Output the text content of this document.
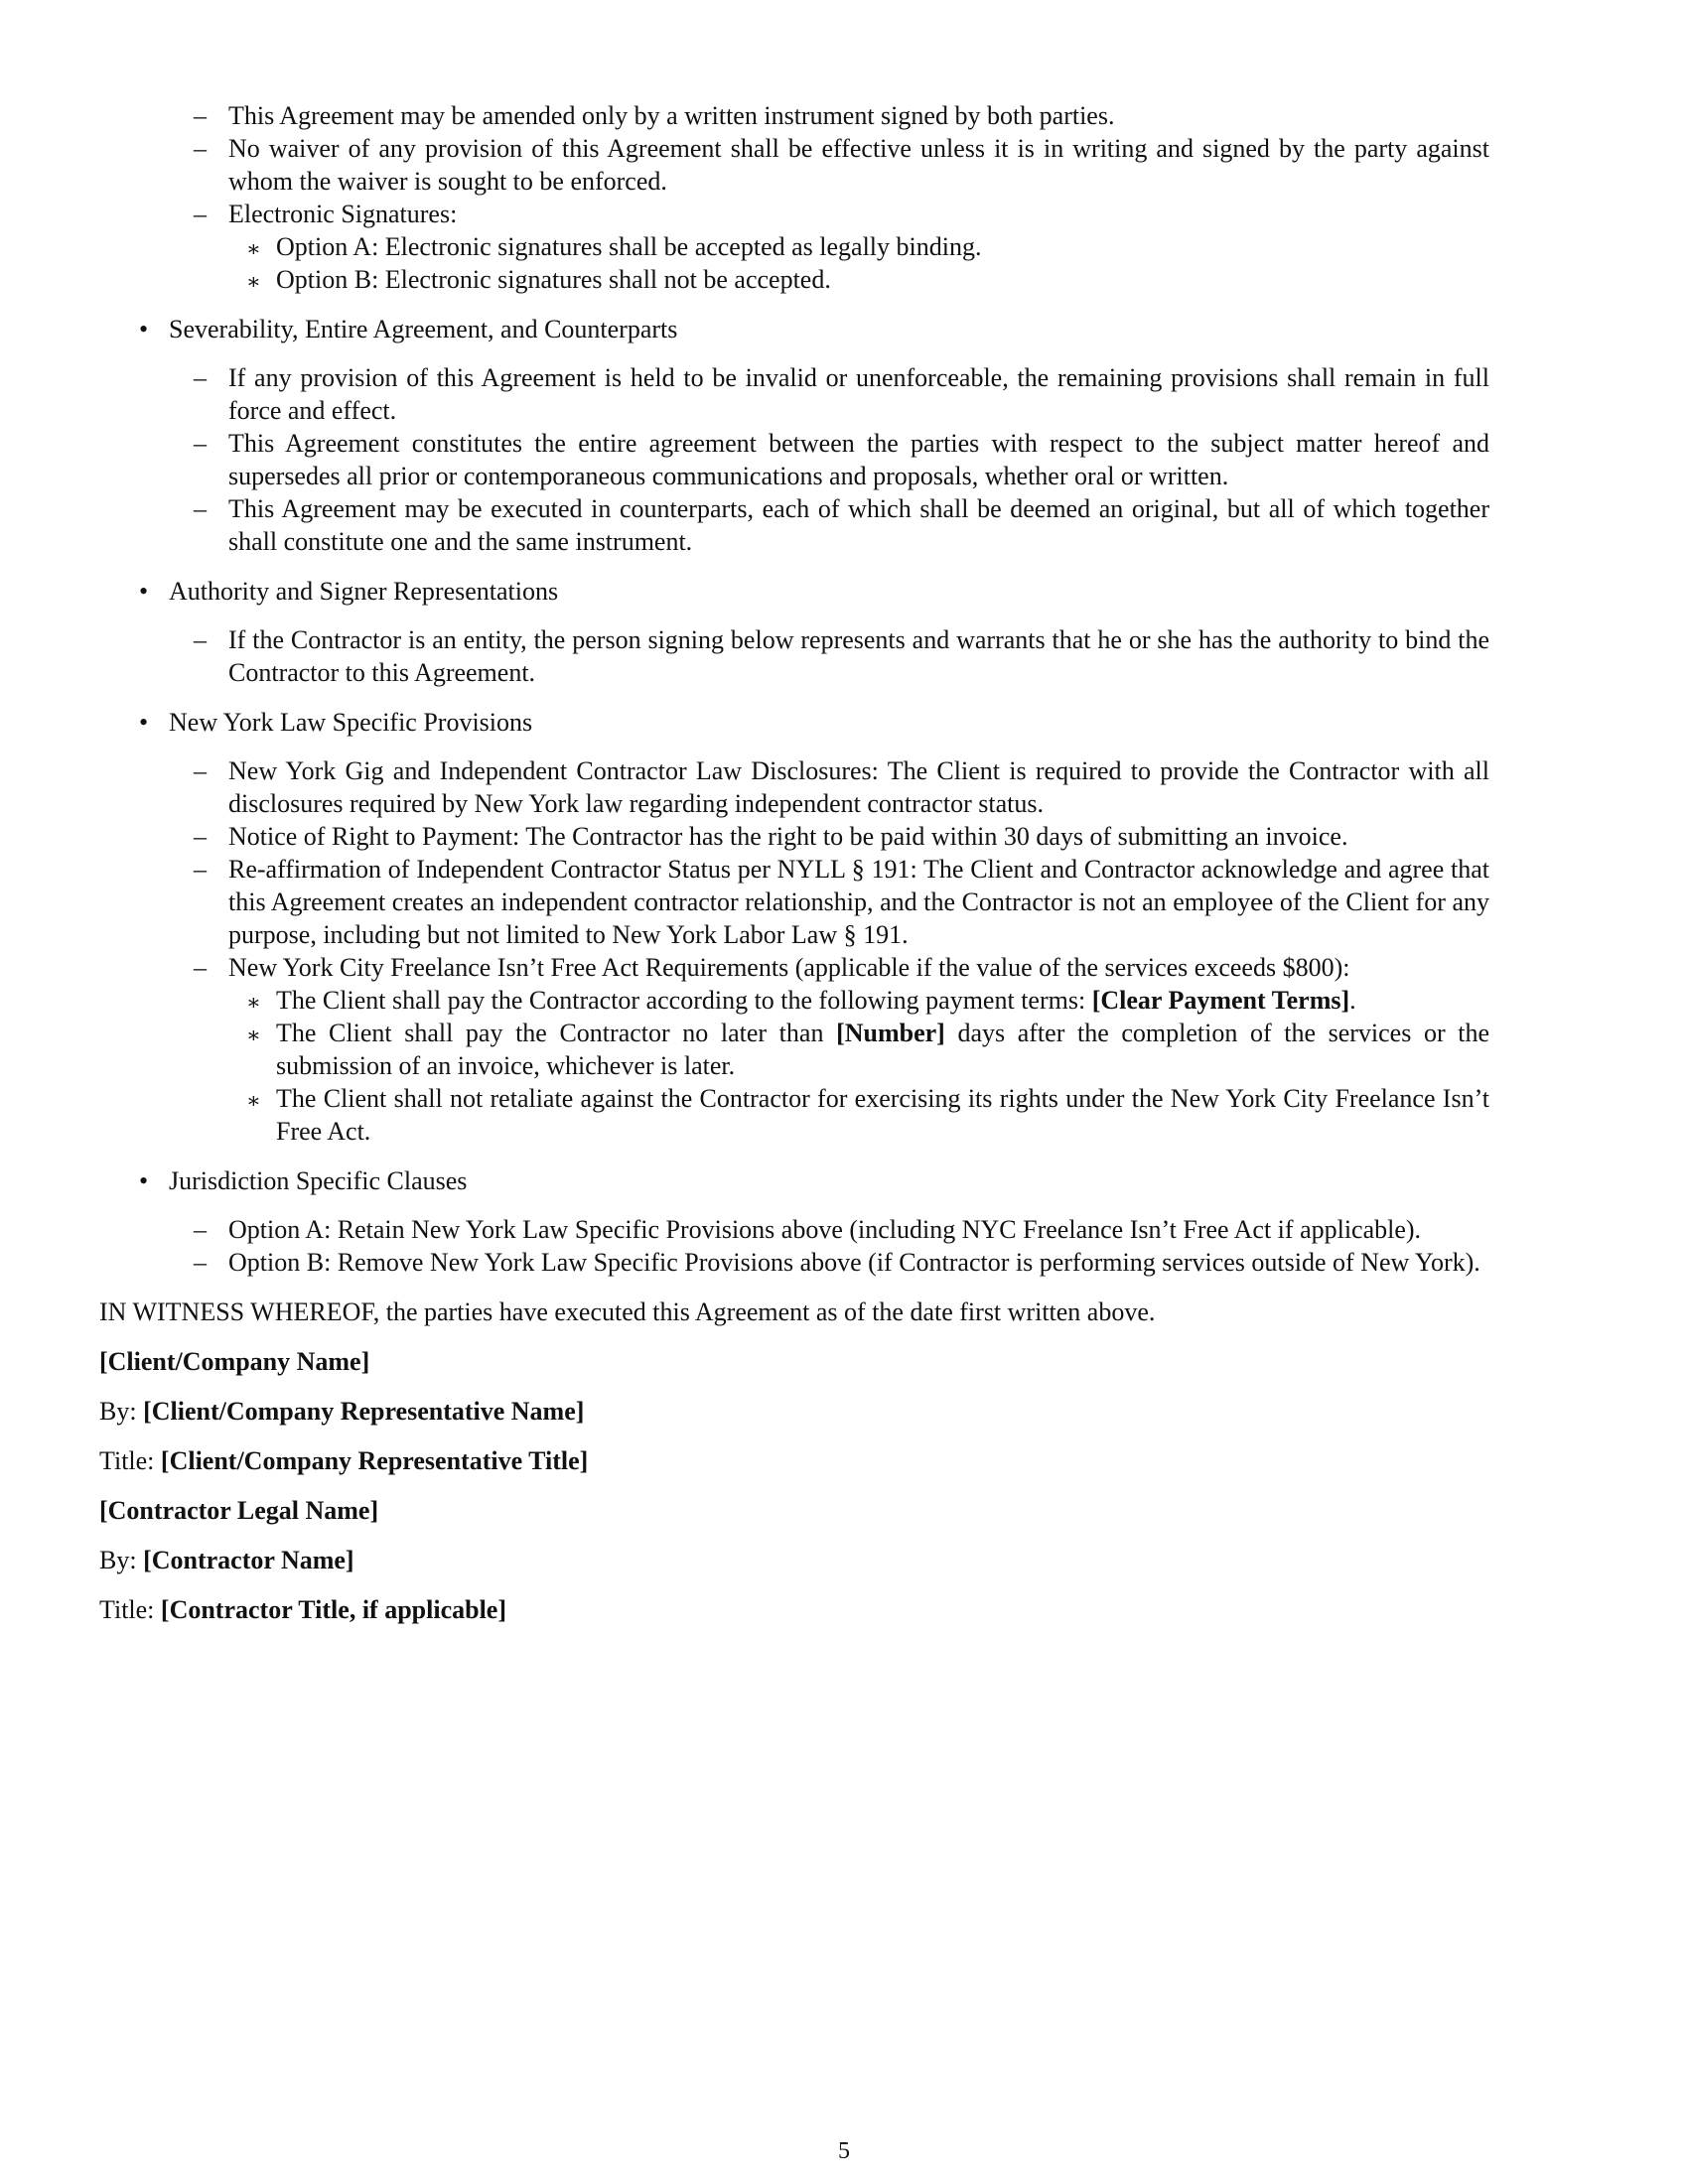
– This Agreement may be amended only by a written instrument signed by both parties.
– No waiver of any provision of this Agreement shall be effective unless it is in writing and signed by the party against whom the waiver is sought to be enforced.
– Electronic Signatures:
∗ Option A: Electronic signatures shall be accepted as legally binding.
∗ Option B: Electronic signatures shall not be accepted.
• Severability, Entire Agreement, and Counterparts
– If any provision of this Agreement is held to be invalid or unenforceable, the remaining provisions shall remain in full force and effect.
– This Agreement constitutes the entire agreement between the parties with respect to the subject matter hereof and supersedes all prior or contemporaneous communications and proposals, whether oral or written.
– This Agreement may be executed in counterparts, each of which shall be deemed an original, but all of which together shall constitute one and the same instrument.
• Authority and Signer Representations
– If the Contractor is an entity, the person signing below represents and warrants that he or she has the authority to bind the Contractor to this Agreement.
• New York Law Specific Provisions
– New York Gig and Independent Contractor Law Disclosures: The Client is required to provide the Contractor with all disclosures required by New York law regarding independent contractor status.
– Notice of Right to Payment: The Contractor has the right to be paid within 30 days of submitting an invoice.
– Re-affirmation of Independent Contractor Status per NYLL § 191: The Client and Contractor acknowledge and agree that this Agreement creates an independent contractor relationship, and the Contractor is not an employee of the Client for any purpose, including but not limited to New York Labor Law § 191.
– New York City Freelance Isn’t Free Act Requirements (applicable if the value of the services exceeds $800):
∗ The Client shall pay the Contractor according to the following payment terms: [Clear Payment Terms].
∗ The Client shall pay the Contractor no later than [Number] days after the completion of the services or the submission of an invoice, whichever is later.
∗ The Client shall not retaliate against the Contractor for exercising its rights under the New York City Freelance Isn’t Free Act.
• Jurisdiction Specific Clauses
– Option A: Retain New York Law Specific Provisions above (including NYC Freelance Isn’t Free Act if applicable).
– Option B: Remove New York Law Specific Provisions above (if Contractor is performing services outside of New York).

IN WITNESS WHEREOF, the parties have executed this Agreement as of the date first written above.

[Client/Company Name]

By: [Client/Company Representative Name]

Title: [Client/Company Representative Title]

[Contractor Legal Name]

By: [Contractor Name]

Title: [Contractor Title, if applicable]

5
